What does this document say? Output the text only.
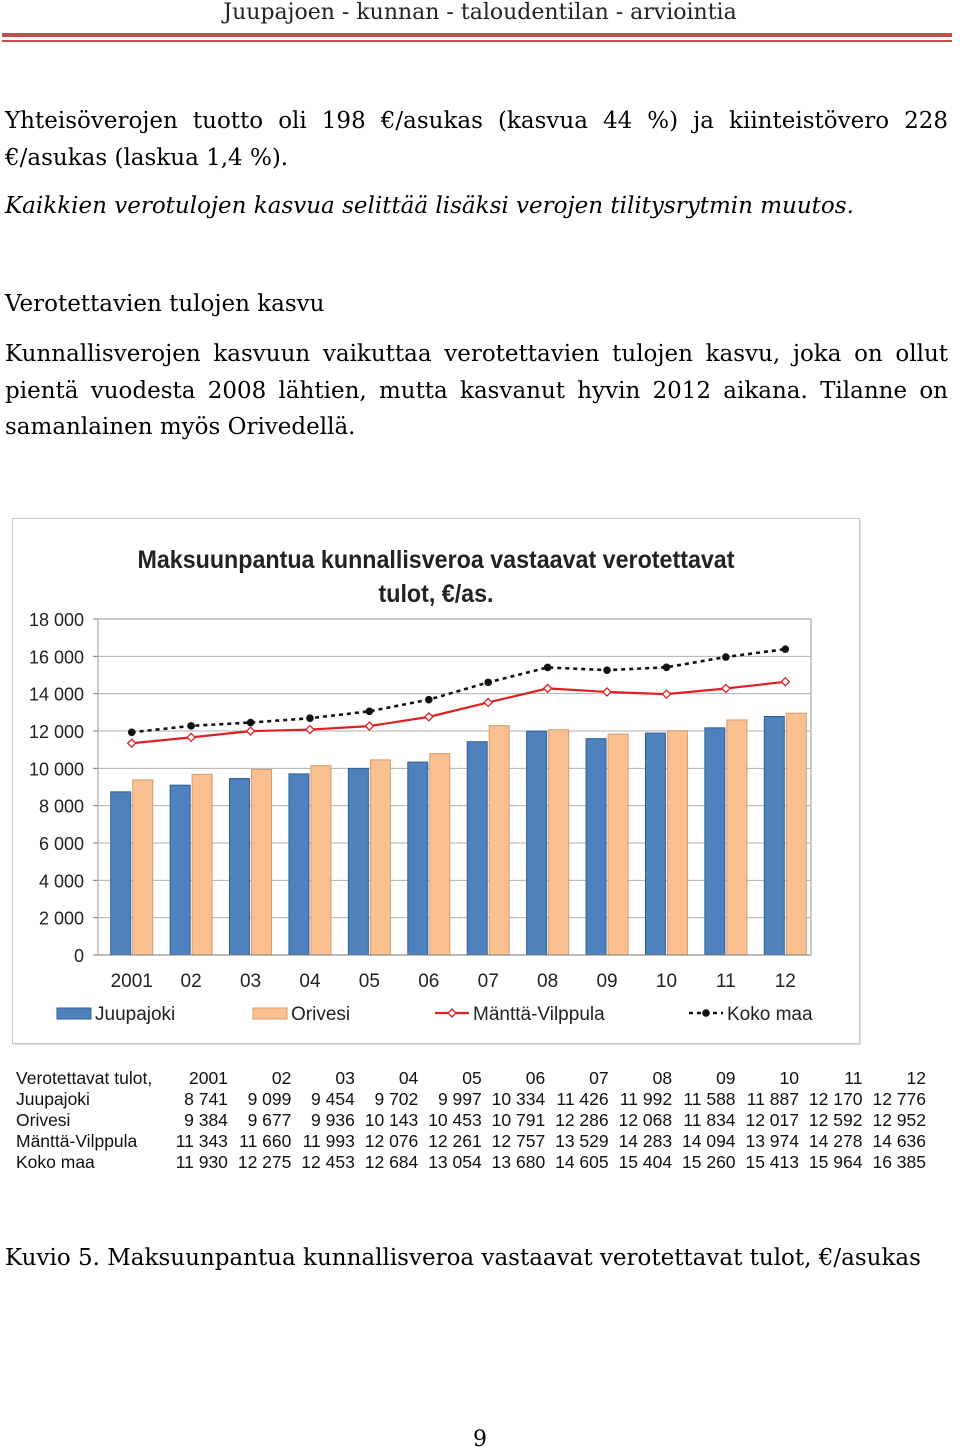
Juupajoen - kunnan - taloudentilan - arviointia
Yhteisöverojen tuotto oli 198 €/asukas (kasvua 44 %) ja kiinteistövero 228 €/asukas (laskua 1,4 %).
Kaikkien verotulojen kasvua selittää lisäksi verojen tilitysrytmin muutos.
Verotettavien tulojen kasvu
Kunnallisverojen kasvuun vaikuttaa verotettavien tulojen kasvu, joka on ollut pientä vuodesta 2008 lähtien, mutta kasvanut hyvin 2012 aikana. Tilanne on samanlainen myös Orivedellä.
Maksuunpantua kunnallisveroa vastaavat verotettavat
tulot, €/as.
0
2 000
4 000
6 000
8 000
10 000
12 000
14 000
16 000
18 000
2001 02 03 04 05 06 07 08 09 10 11 12
Juupajoki	Orivesi	Mänttä-Vilppula	Koko maa
Verotettavat tulot,	2001	02	03	04	05	06	07	08	09	10	11	12
Juupajoki	8 741	9 099	9 454	9 702	9 997	10 334	11 426	11 992	11 588	11 887	12 170	12 776
Orivesi	9 384	9 677	9 936	10 143	10 453	10 791	12 286	12 068	11 834	12 017	12 592	12 952
Mänttä-Vilppula	11 343	11 660	11 993	12 076	12 261	12 757	13 529	14 283	14 094	13 974	14 278	14 636
Koko maa	11 930	12 275	12 453	12 684	13 054	13 680	14 605	15 404	15 260	15 413	15 964	16 385
Kuvio 5. Maksuunpantua kunnallisveroa vastaavat verotettavat tulot, €/asukas
9
